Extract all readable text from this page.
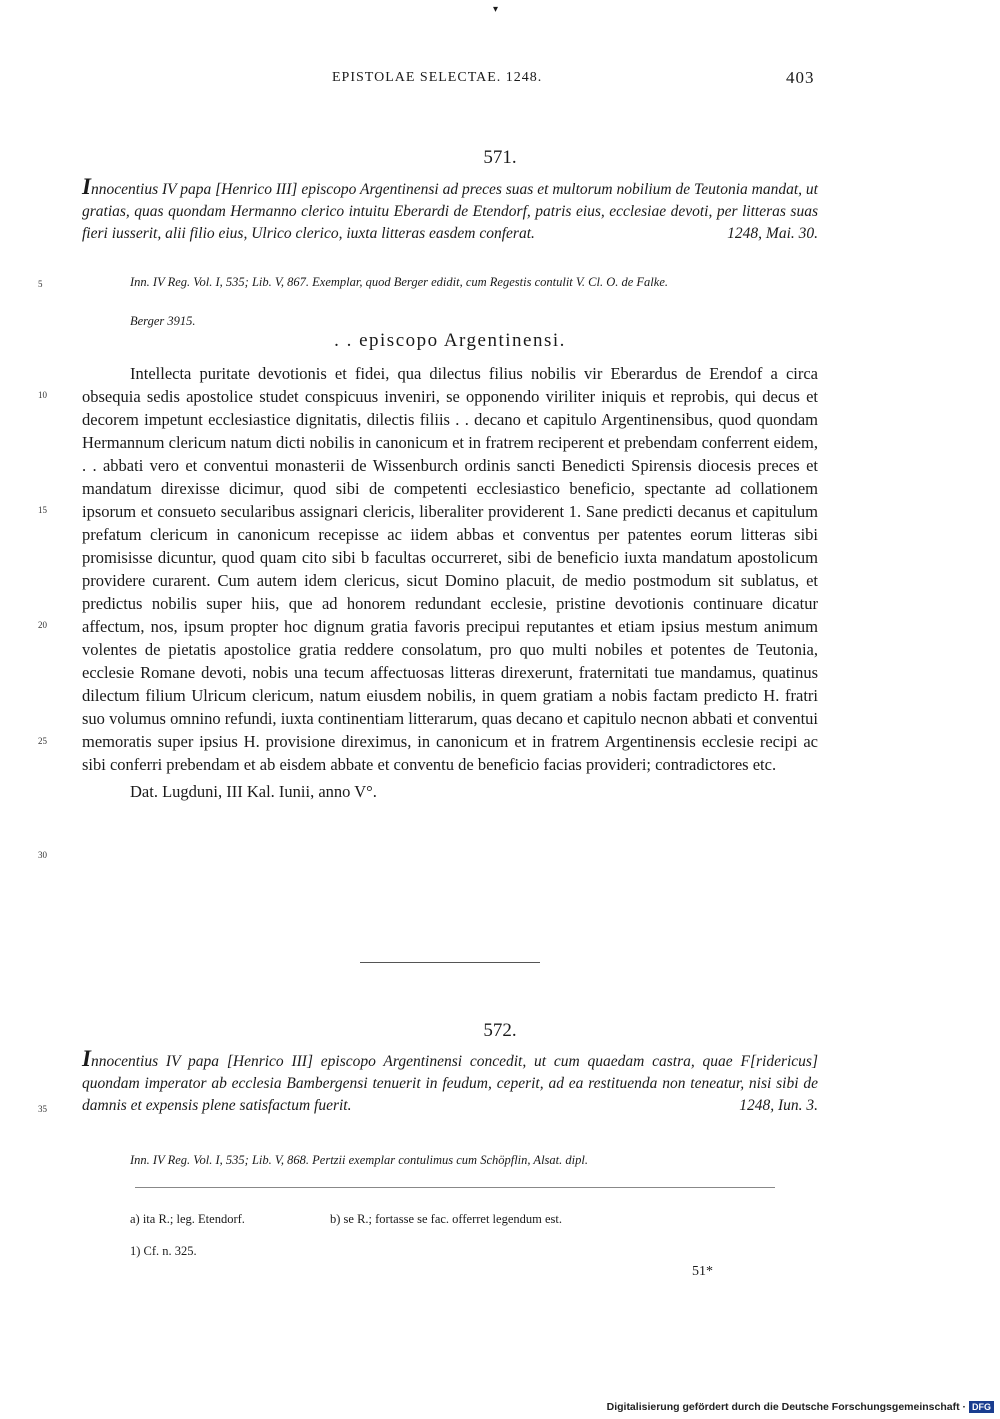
▾
EPISTOLAE SELECTAE. 1248.	403
571.
Innocentius IV papa [Henrico III] episcopo Argentinensi ad preces suas et multorum nobilium de Teutonia mandat, ut gratias, quas quondam Hermanno clerico intuitu Eberardi de Etendorf, patris eius, ecclesiae devoti, per litteras suas fieri iusserit, alii filio eius, Ulrico clerico, iuxta litteras easdem conferat.	1248, Mai. 30.
Inn. IV Reg. Vol. I, 535; Lib. V, 867. Exemplar, quod Berger edidit, cum Regestis contulit V. Cl. O. de Falke.
Berger 3915.
. . episcopo Argentinensi.

Intellecta puritate devotionis et fidei, qua dilectus filius nobilis vir Eberardus de Erendof a circa obsequia sedis apostolice studet conspicuus inveniri, se opponendo viriliter iniquis et reprobis, qui decus et decorem impetunt ecclesiastice dignitatis, dilectis filiis . . decano et capitulo Argentinensibus, quod quondam Hermannum clericum natum dicti nobilis in canonicum et in fratrem reciperent et prebendam conferrent eidem, . . abbati vero et conventui monasterii de Wissenburch ordinis sancti Benedicti Spirensis diocesis preces et mandatum direxisse dicimur, quod sibi de competenti ecclesiastico beneficio, spectante ad collationem ipsorum et consueto secularibus assignari clericis, liberaliter providerent 1. Sane predicti decanus et capitulum prefatum clericum in canonicum recepisse ac iidem abbas et conventus per patentes eorum litteras sibi promisisse dicuntur, quod quam cito sibi b facultas occurreret, sibi de beneficio iuxta mandatum apostolicum providere curarent. Cum autem idem clericus, sicut Domino placuit, de medio postmodum sit sublatus, et predictus nobilis super hiis, que ad honorem redundant ecclesie, pristine devotionis continuare dicatur affectum, nos, ipsum propter hoc dignum gratia favoris precipui reputantes et etiam ipsius mestum animum volentes de pietatis apostolice gratia reddere consolatum, pro quo multi nobiles et potentes de Teutonia, ecclesie Romane devoti, nobis una tecum affectuosas litteras direxerunt, fraternitati tue mandamus, quatinus dilectum filium Ulricum clericum, natum eiusdem nobilis, in quem gratiam a nobis factam predicto H. fratri suo volumus omnino refundi, iuxta continentiam litterarum, quas decano et capitulo necnon abbati et conventui memoratis super ipsius H. provisione direximus, in canonicum et in fratrem Argentinensis ecclesie recipi ac sibi conferri prebendam et ab eisdem abbate et conventu de beneficio facias provideri; contradictores etc.

Dat. Lugduni, III Kal. Iunii, anno V°.

572.
Innocentius IV papa [Henrico III] episcopo Argentinensi concedit, ut cum quaedam castra, quae F[ridericus] quondam imperator ab ecclesia Bambergensi tenuerit in feudum, ceperit, ad ea restituenda non teneatur, nisi sibi de damnis et expensis plene satisfactum fuerit.	1248, Iun. 3.
Inn. IV Reg. Vol. I, 535; Lib. V, 868. Pertzii exemplar contulimus cum Schöpflin, Alsat. dipl.
a) ita R.; leg. Etendorf.	b) se R.; fortasse se fac. offerret legendum est.
1) Cf. n. 325.
51*
5
10
15
20
25
30
35
Digitalisierung gefördert durch die Deutsche Forschungsgemeinschaft · DFG
